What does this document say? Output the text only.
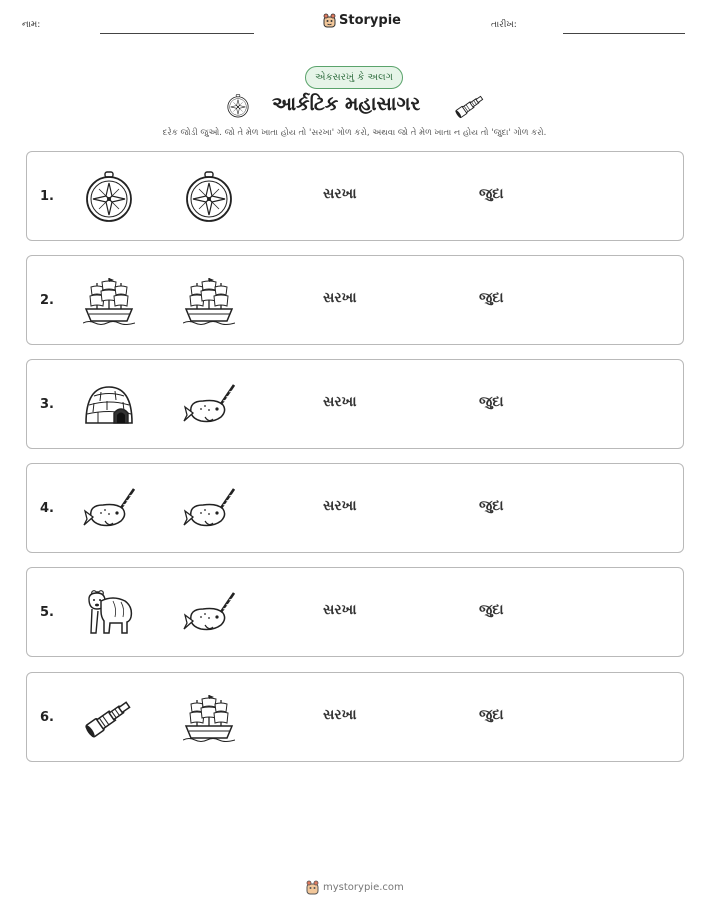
નામ:	Storypie	તારીખ:
એકસરખું કે અલગ
આર્કટિક મહાસાગર
દરેક જોડી જુઓ. જો તે મેળ ખાતા હોય તો 'સરખા' ગોળ કરો, અથવા જો તે મેળ ખાતા ન હોય તો 'જુદા' ગોળ કરો.
1.	સરખા	જુદા
2.	સરખા	જુદા
3.	સરખા	જુદા
4.	સરખા	જુદા
5.	સરખા	જુદા
6.	સરખા	જુદા
mystorypie.com
